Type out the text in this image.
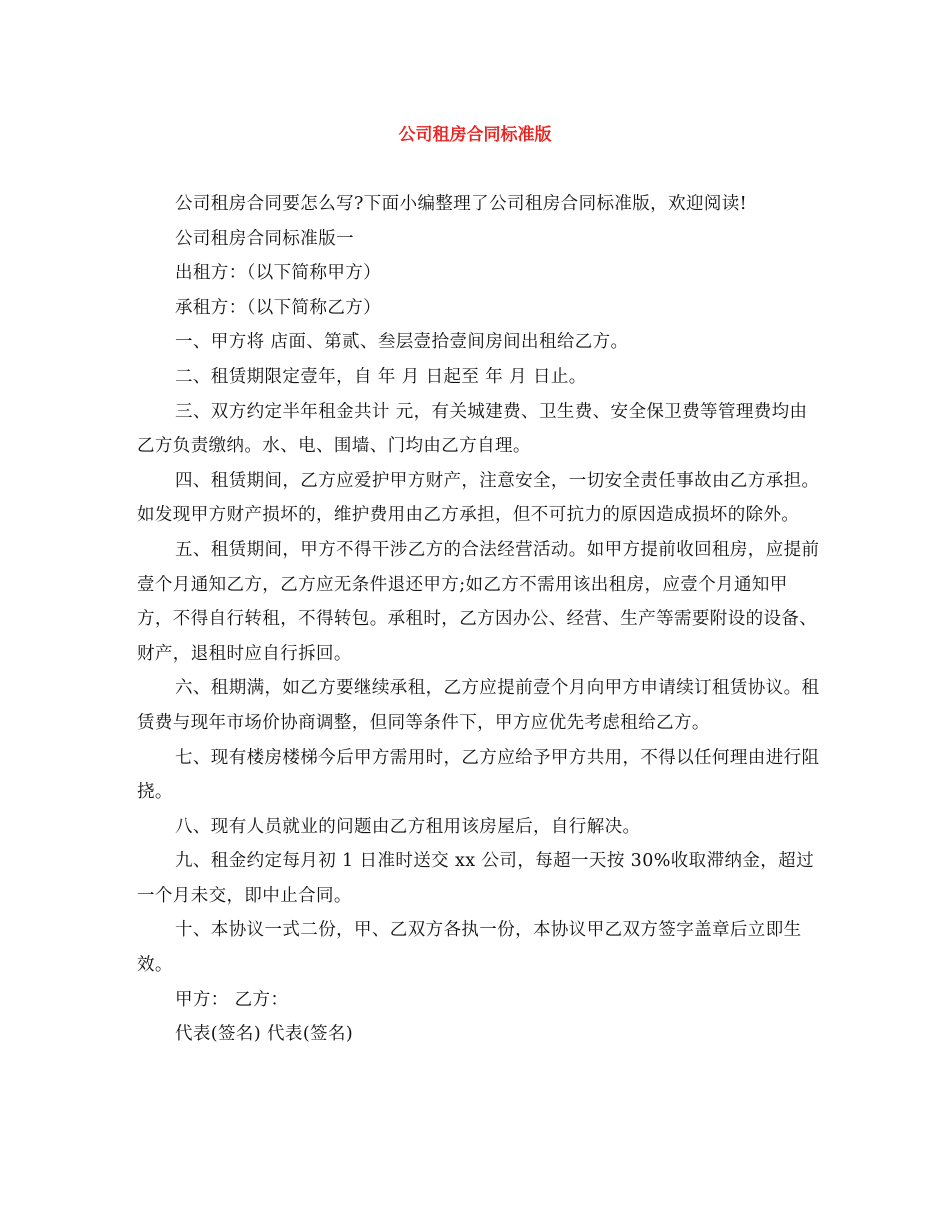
公司租房合同标准版

公司租房合同要怎么写?下面小编整理了公司租房合同标准版，欢迎阅读!

公司租房合同标准版一

出租方：（以下简称甲方）

承租方：（以下简称乙方）

一、甲方将 店面、第贰、叁层壹拾壹间房间出租给乙方。

二、租赁期限定壹年，自 年 月 日起至 年 月 日止。

三、双方约定半年租金共计 元，有关城建费、卫生费、安全保卫费等管理费均由乙方负责缴纳。水、电、围墙、门均由乙方自理。

四、租赁期间，乙方应爱护甲方财产，注意安全，一切安全责任事故由乙方承担。如发现甲方财产损坏的，维护费用由乙方承担，但不可抗力的原因造成损坏的除外。

五、租赁期间，甲方不得干涉乙方的合法经营活动。如甲方提前收回租房，应提前壹个月通知乙方，乙方应无条件退还甲方;如乙方不需用该出租房，应壹个月通知甲方，不得自行转租，不得转包。承租时，乙方因办公、经营、生产等需要附设的设备、财产，退租时应自行拆回。

六、租期满，如乙方要继续承租，乙方应提前壹个月向甲方申请续订租赁协议。租赁费与现年市场价协商调整，但同等条件下，甲方应优先考虑租给乙方。

七、现有楼房楼梯今后甲方需用时，乙方应给予甲方共用，不得以任何理由进行阻挠。

八、现有人员就业的问题由乙方租用该房屋后，自行解决。

九、租金约定每月初 1 日准时送交 xx 公司，每超一天按 30%收取滞纳金，超过一个月未交，即中止合同。

十、本协议一式二份，甲、乙双方各执一份，本协议甲乙双方签字盖章后立即生效。

甲方： 乙方：

代表(签名) 代表(签名)
